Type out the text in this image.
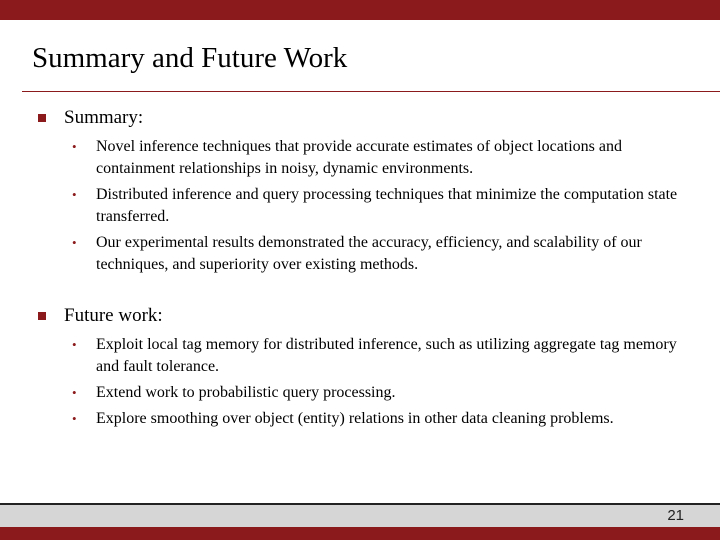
Summary and Future Work
Summary:
• Novel inference techniques that provide accurate estimates of object locations and containment relationships in noisy, dynamic environments.
• Distributed inference and query processing techniques that minimize the computation state transferred.
• Our experimental results demonstrated the accuracy, efficiency, and scalability of our techniques, and superiority over existing methods.
Future work:
• Exploit local tag memory for distributed inference, such as utilizing aggregate tag memory and fault tolerance.
• Extend work to probabilistic query processing.
• Explore smoothing over object (entity) relations in other data cleaning problems.
21
